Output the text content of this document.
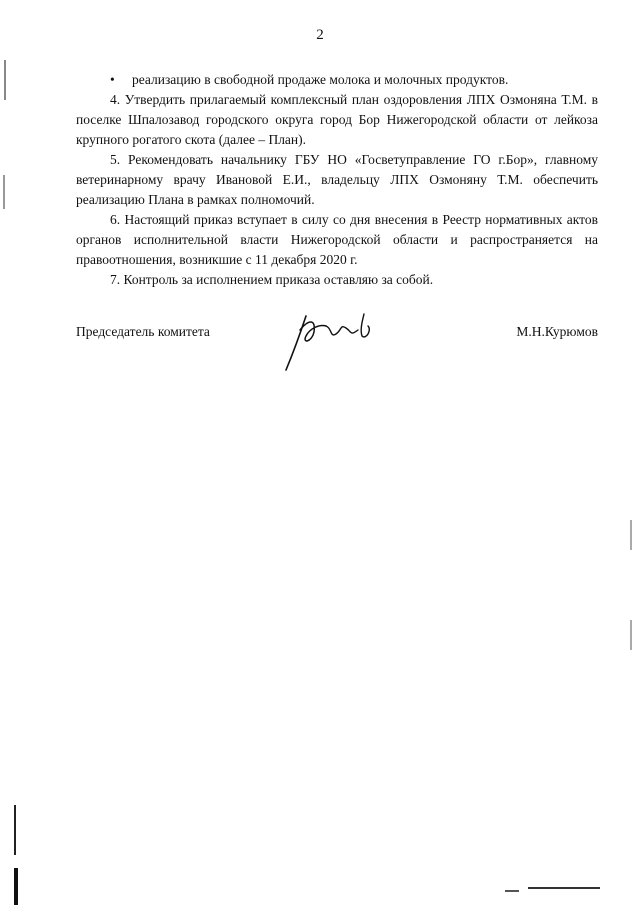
2

• реализацию в свободной продаже молока и молочных продуктов.

4. Утвердить прилагаемый комплексный план оздоровления ЛПХ Озмоняна Т.М. в поселке Шпалозавод городского округа город Бор Нижегородской области от лейкоза крупного рогатого скота (далее – План).

5. Рекомендовать начальнику ГБУ НО «Госветуправление ГО г.Бор», главному ветеринарному врачу Ивановой Е.И., владельцу ЛПХ Озмоняну Т.М. обеспечить реализацию Плана в рамках полномочий.

6. Настоящий приказ вступает в силу со дня внесения в Реестр нормативных актов органов исполнительной власти Нижегородской области и распространяется на правоотношения, возникшие с 11 декабря 2020 г.

7. Контроль за исполнением приказа оставляю за собой.

Председатель комитета	М.Н.Курюмов
